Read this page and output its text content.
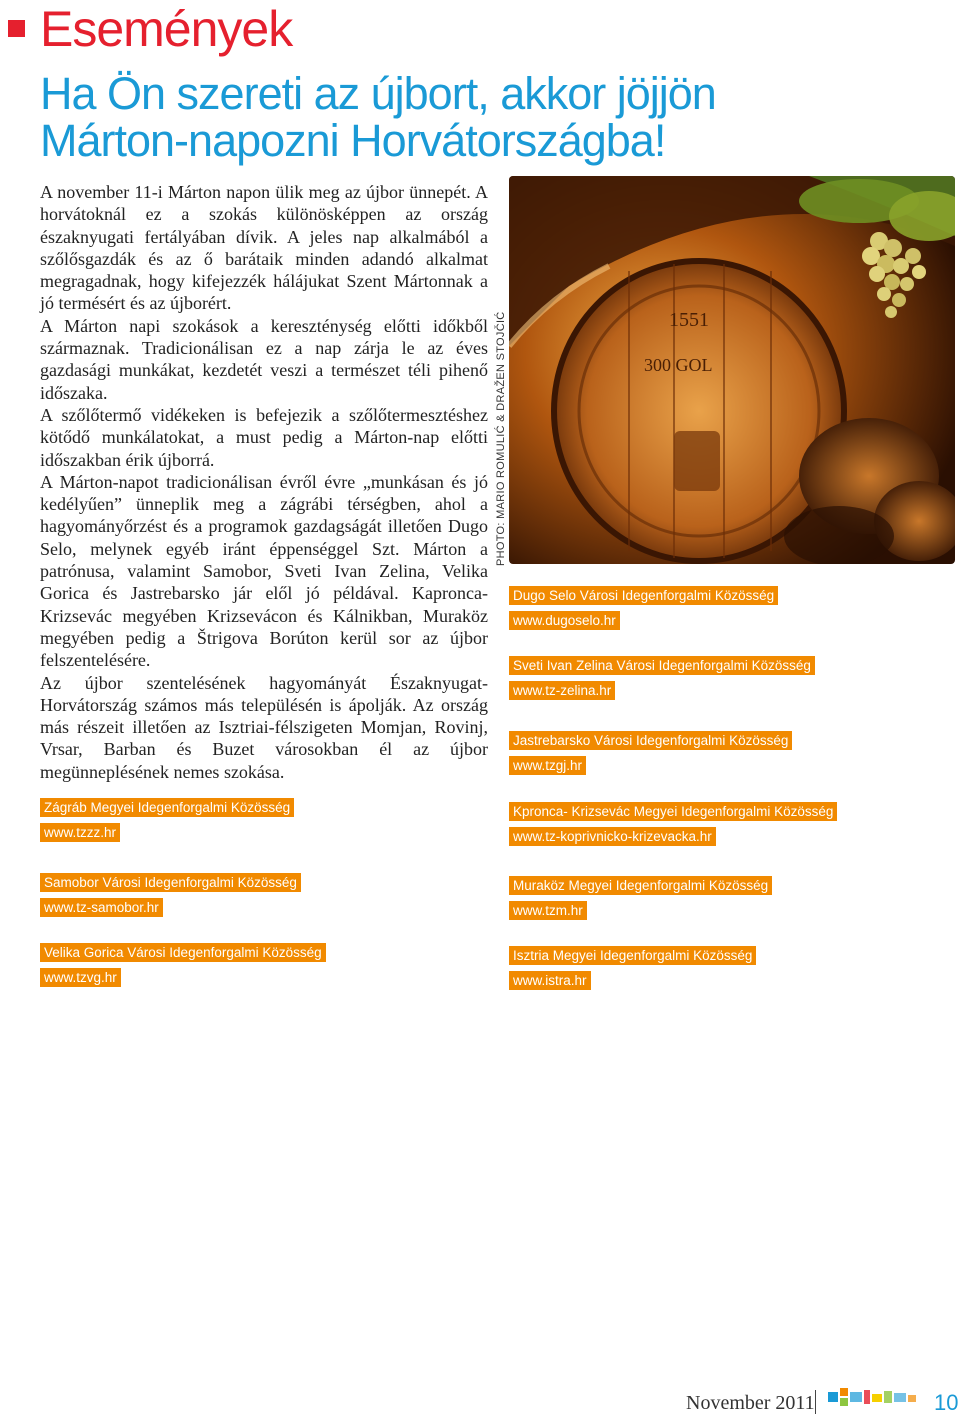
Események
Ha Ön szereti az újbort, akkor jöjjön Márton-napozni Horvátországba!

A november 11-i Márton napon ülik meg az újbor ünnepét. A horvátoknál ez a szokás különösképpen az ország északnyugati fertályában dívik. A jeles nap alkalmából a szőlősgazdák és az ő barátaik minden adandó alkalmat megragadnak, hogy kifejezzék hálájukat Szent Mártonnak a jó termésért és az újborért.

A Márton napi szokások a kereszténység előtti időkből származnak. Tradicionálisan ez a nap zárja le az éves gazdasági munkákat, kezdetét veszi a természet téli pihenő időszaka.

A szőlőtermő vidékeken is befejezik a szőlőtermesztéshez kötődő munkálatokat, a must pedig a Márton-nap előtti időszakban érik újborrá.

A Márton-napot tradicionálisan évről évre „munkásan és jó kedélyűen” ünneplik meg a zágrábi térségben, ahol a hagyományőrzést és a programok gazdagságát illetően Dugo Selo, melynek egyéb iránt éppenséggel Szt. Márton a patrónusa, valamint Samobor, Sveti Ivan Zelina, Velika Gorica és Jastrebarsko jár elől jó példával. Kapronca-Krizsevác megyében Krizsevácon és Kálnikban, Muraköz megyében pedig a Štrigova Borúton kerül sor az újbor felszentelésére.

Az újbor szentelésének hagyományát Északnyugat-Horvátország számos más településén is ápolják. Az ország más részeit illetően az Isztriai-félszigeten Momjan, Rovinj, Vrsar, Barban és Buzet városokban él az újbor megünneplésének nemes szokása.

PHOTO: MARIO ROMULIĆ & DRAŽEN STOJČIĆ	1551
300 GOL
Dugo Selo Városi Idegenforgalmi Közösség
www.dugoselo.hr
Sveti Ivan Zelina Városi Idegenforgalmi Közösség
www.tz-zelina.hr
Jastrebarsko Városi Idegenforgalmi Közösség
www.tzgj.hr
Zágráb Megyei Idegenforgalmi Közösség
www.tzzz.hr
Kpronca- Krizsevác Megyei Idegenforgalmi Közösség
www.tz-koprivnicko-krizevacka.hr
Samobor Városi Idegenforgalmi Közösség
www.tz-samobor.hr
Muraköz Megyei Idegenforgalmi Közösség
www.tzm.hr
Velika Gorica Városi Idegenforgalmi Közösség
www.tzvg.hr
Isztria Megyei Idegenforgalmi Közösség
www.istra.hr
November 2011	10
